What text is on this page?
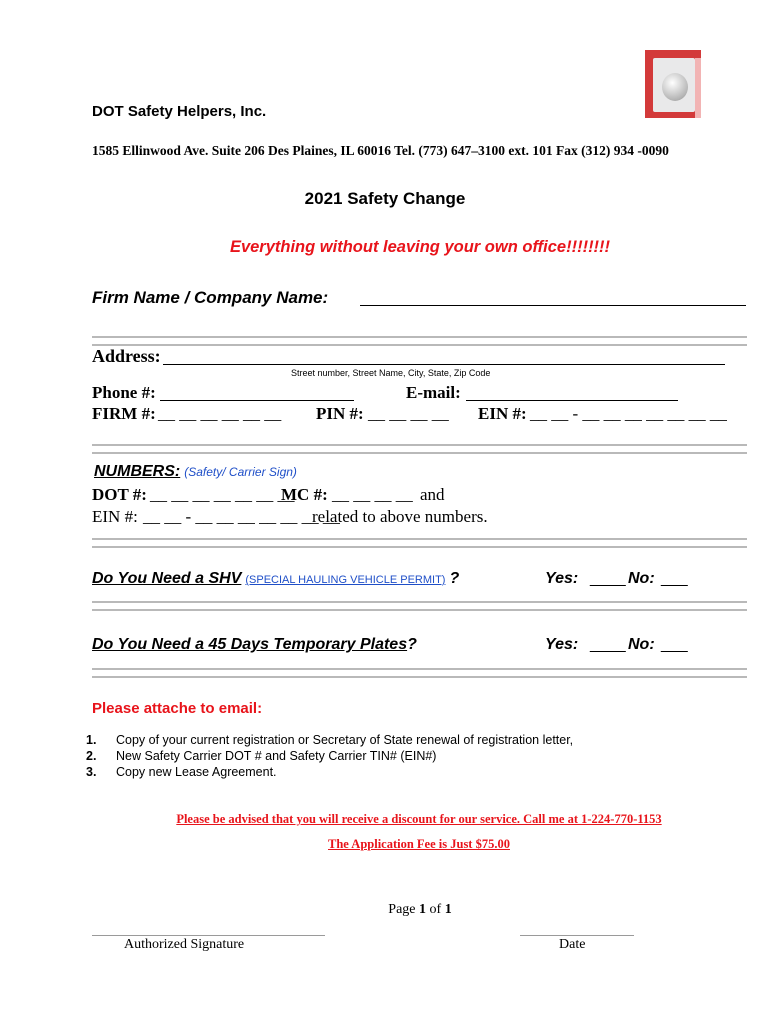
DOT Safety Helpers, Inc.
1585 Ellinwood Ave. Suite 206 Des Plaines, IL 60016 Tel. (773) 647–3100 ext. 101 Fax (312) 934 -0090
2021 Safety Change
Everything without leaving your own office!!!!!!!!
Firm Name / Company Name:
Address:
Street number, Street Name, City, State, Zip Code
Phone #:	E-mail:
FIRM #: __ __ __ __ __ __ PIN #: __ __ __ __ EIN #: __ __ - __ __ __ __ __ __ __
NUMBERS: (Safety/ Carrier Sign)
DOT #: __ __ __ __ __ __ __
MC #: __ __ __ __ and
EIN #: __ __ - __ __ __ __ __ __ __
related to above numbers.
Do You Need a SHV (SPECIAL HAULING VEHICLE PERMIT) ?	Yes: ____ No: ___
Do You Need a 45 Days Temporary Plates?	Yes: ____ No: ___
Please attache to email:
1. Copy of your current registration or Secretary of State renewal of registration letter,
2. New Safety Carrier DOT # and Safety Carrier TIN# (EIN#)
3. Copy new Lease Agreement.
Please be advised that you will receive a discount for our service. Call me at 1-224-770-1153
The Application Fee is Just $75.00
Page 1 of 1
Authorized Signature	Date
